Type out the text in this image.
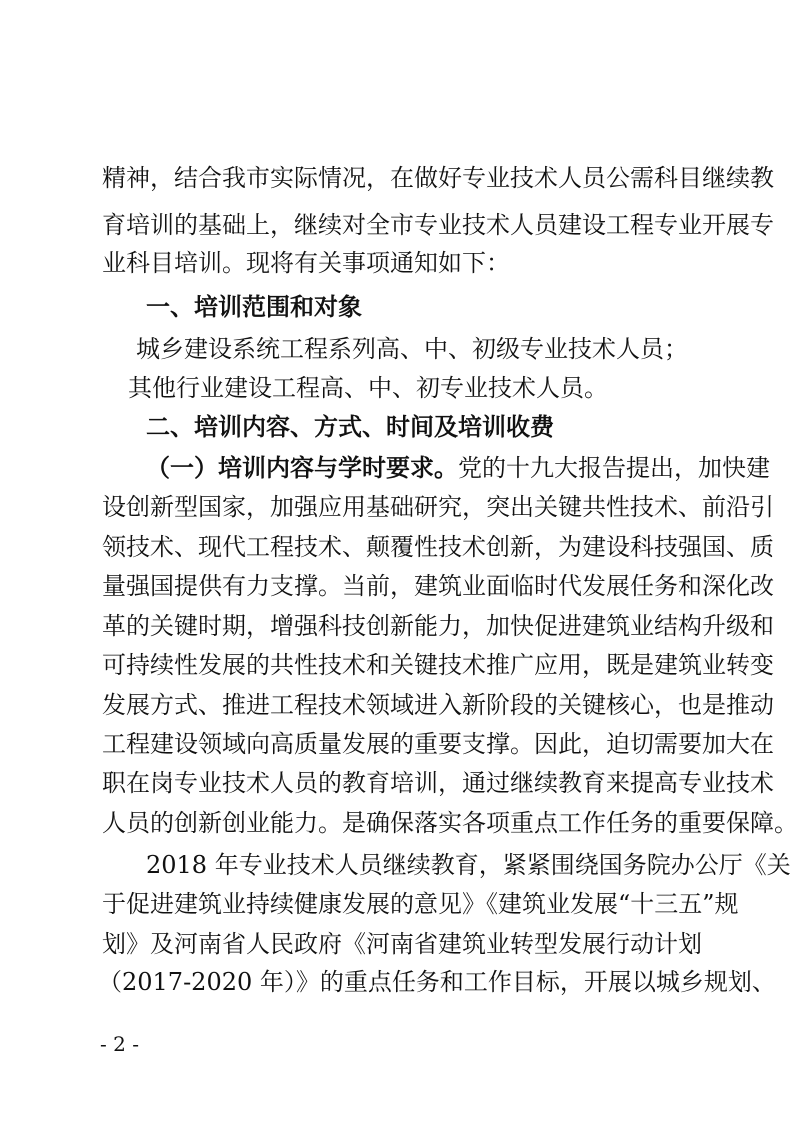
精神，结合我市实际情况，在做好专业技术人员公需科目继续教
育培训的基础上，继续对全市专业技术人员建设工程专业开展专
业科目培训。现将有关事项通知如下：
一、培训范围和对象
城乡建设系统工程系列高、中、初级专业技术人员；
其他行业建设工程高、中、初专业技术人员。
二、培训内容、方式、时间及培训收费
（一）培训内容与学时要求。党的十九大报告提出，加快建
设创新型国家，加强应用基础研究，突出关键共性技术、前沿引
领技术、现代工程技术、颠覆性技术创新，为建设科技强国、质
量强国提供有力支撑。当前，建筑业面临时代发展任务和深化改
革的关键时期，增强科技创新能力，加快促进建筑业结构升级和
可持续性发展的共性技术和关键技术推广应用，既是建筑业转变
发展方式、推进工程技术领域进入新阶段的关键核心，也是推动
工程建设领域向高质量发展的重要支撑。因此，迫切需要加大在
职在岗专业技术人员的教育培训，通过继续教育来提高专业技术
人员的创新创业能力。是确保落实各项重点工作任务的重要保障。
2018 年专业技术人员继续教育，紧紧围绕国务院办公厅《关
于促进建筑业持续健康发展的意见》《建筑业发展“十三五”规
划》及河南省人民政府《河南省建筑业转型发展行动计划
（2017-2020 年）》的重点任务和工作目标，开展以城乡规划、
- 2 -
